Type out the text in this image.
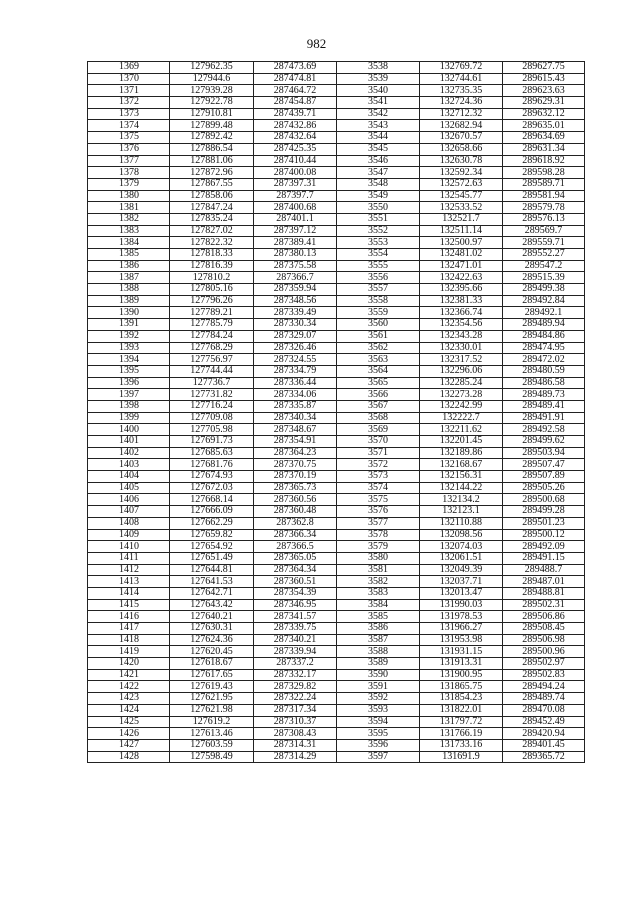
982
1369	127962.35	287473.69	3538	132769.72	289627.75
1370	127944.6	287474.81	3539	132744.61	289615.43
1371	127939.28	287464.72	3540	132735.35	289623.63
1372	127922.78	287454.87	3541	132724.36	289629.31
1373	127910.81	287439.71	3542	132712.32	289632.12
1374	127899.48	287432.86	3543	132682.94	289635.01
1375	127892.42	287432.64	3544	132670.57	289634.69
1376	127886.54	287425.35	3545	132658.66	289631.34
1377	127881.06	287410.44	3546	132630.78	289618.92
1378	127872.96	287400.08	3547	132592.34	289598.28
1379	127867.55	287397.31	3548	132572.63	289589.71
1380	127858.06	287397.7	3549	132545.77	289581.94
1381	127847.24	287400.68	3550	132533.52	289579.78
1382	127835.24	287401.1	3551	132521.7	289576.13
1383	127827.02	287397.12	3552	132511.14	289569.7
1384	127822.32	287389.41	3553	132500.97	289559.71
1385	127818.33	287380.13	3554	132481.02	289552.27
1386	127816.39	287375.58	3555	132471.01	289547.2
1387	127810.2	287366.7	3556	132422.63	289515.39
1388	127805.16	287359.94	3557	132395.66	289499.38
1389	127796.26	287348.56	3558	132381.33	289492.84
1390	127789.21	287339.49	3559	132366.74	289492.1
1391	127785.79	287330.34	3560	132354.56	289489.94
1392	127784.24	287329.07	3561	132343.28	289484.86
1393	127768.29	287326.46	3562	132330.01	289474.95
1394	127756.97	287324.55	3563	132317.52	289472.02
1395	127744.44	287334.79	3564	132296.06	289480.59
1396	127736.7	287336.44	3565	132285.24	289486.58
1397	127731.82	287334.06	3566	132273.28	289489.73
1398	127716.24	287335.87	3567	132242.99	289489.41
1399	127709.08	287340.34	3568	132222.7	289491.91
1400	127705.98	287348.67	3569	132211.62	289492.58
1401	127691.73	287354.91	3570	132201.45	289499.62
1402	127685.63	287364.23	3571	132189.86	289503.94
1403	127681.76	287370.75	3572	132168.67	289507.47
1404	127674.93	287370.19	3573	132156.31	289507.89
1405	127672.03	287365.73	3574	132144.22	289505.26
1406	127668.14	287360.56	3575	132134.2	289500.68
1407	127666.09	287360.48	3576	132123.1	289499.28
1408	127662.29	287362.8	3577	132110.88	289501.23
1409	127659.82	287366.34	3578	132098.56	289500.12
1410	127654.92	287366.5	3579	132074.03	289492.09
1411	127651.49	287365.05	3580	132061.51	289491.15
1412	127644.81	287364.34	3581	132049.39	289488.7
1413	127641.53	287360.51	3582	132037.71	289487.01
1414	127642.71	287354.39	3583	132013.47	289488.81
1415	127643.42	287346.95	3584	131990.03	289502.31
1416	127640.21	287341.57	3585	131978.53	289506.86
1417	127630.31	287339.75	3586	131966.27	289508.45
1418	127624.36	287340.21	3587	131953.98	289506.98
1419	127620.45	287339.94	3588	131931.15	289500.96
1420	127618.67	287337.2	3589	131913.31	289502.97
1421	127617.65	287332.17	3590	131900.95	289502.83
1422	127619.43	287329.82	3591	131865.75	289494.24
1423	127621.95	287322.24	3592	131854.23	289489.74
1424	127621.98	287317.34	3593	131822.01	289470.08
1425	127619.2	287310.37	3594	131797.72	289452.49
1426	127613.46	287308.43	3595	131766.19	289420.94
1427	127603.59	287314.31	3596	131733.16	289401.45
1428	127598.49	287314.29	3597	131691.9	289365.72
